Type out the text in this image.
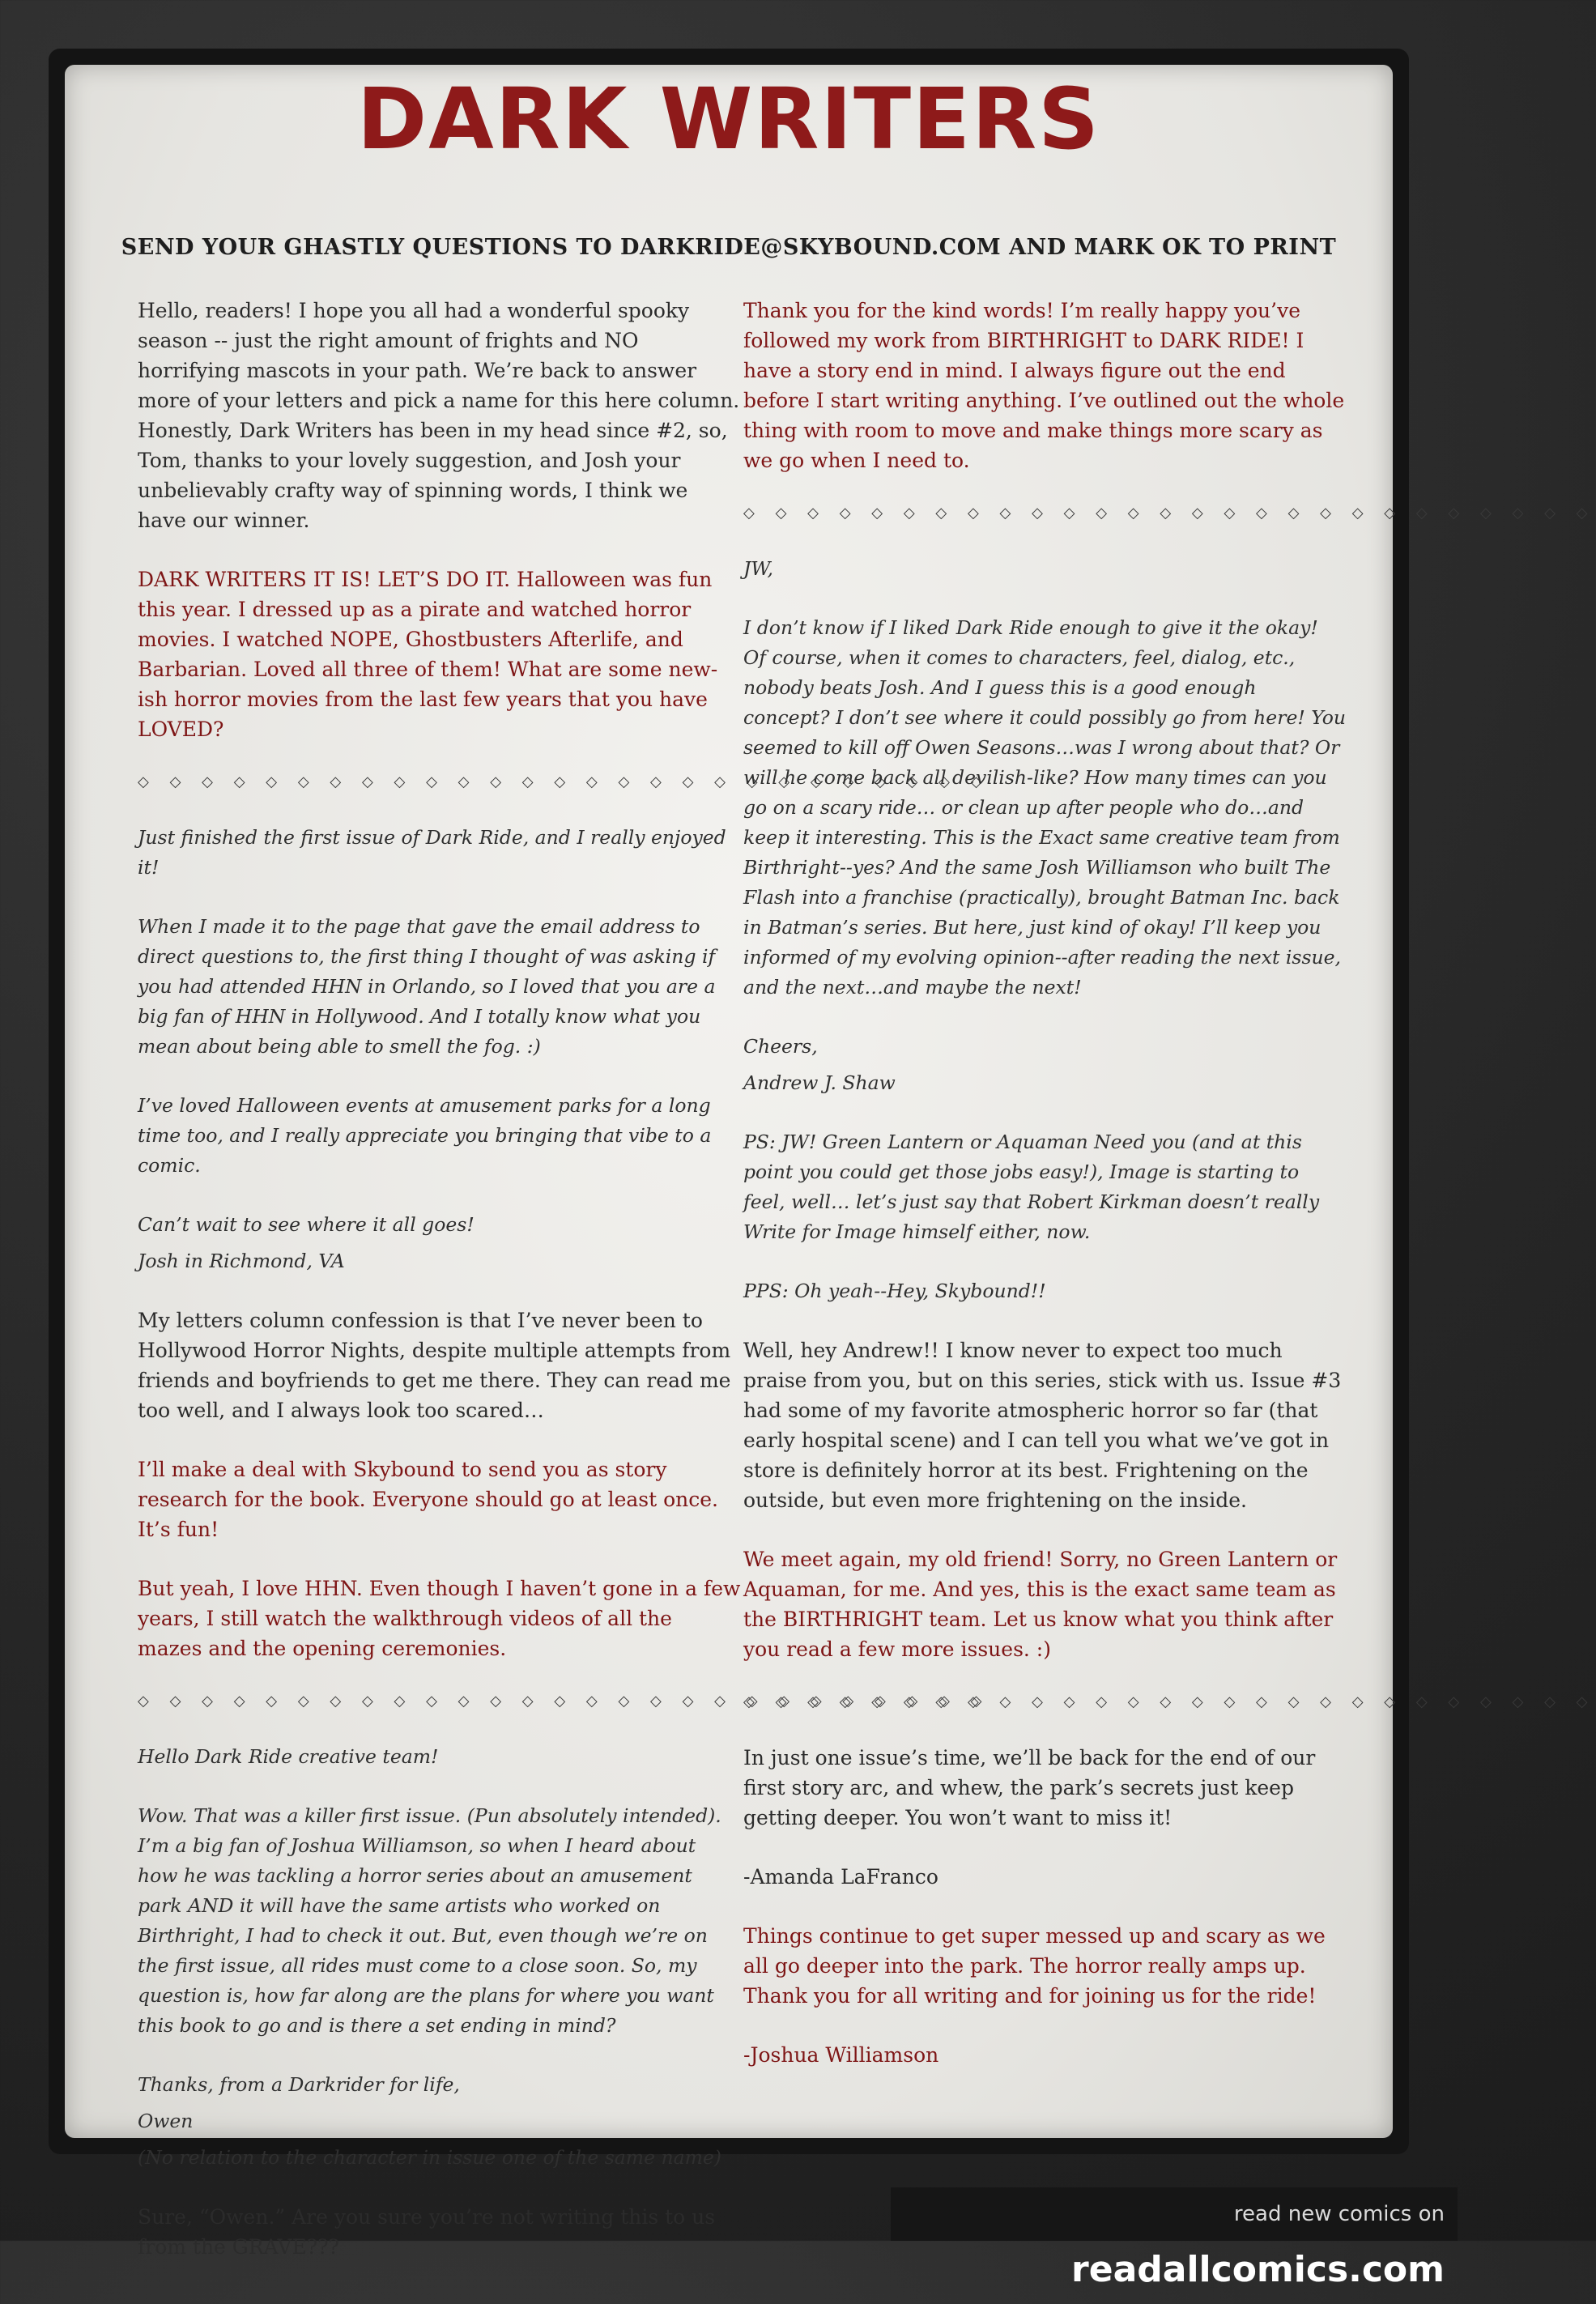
DARK WRITERS
SEND YOUR GHASTLY QUESTIONS TO DARKRIDE@SKYBOUND.COM AND MARK OK TO PRINT

Hello, readers! I hope you all had a wonderful spooky season -- just the right amount of frights and NO horrifying mascots in your path. We’re back to answer more of your letters and pick a name for this here column. Honestly, Dark Writers has been in my head since #2, so, Tom, thanks to your lovely suggestion, and Josh your unbelievably crafty way of spinning words, I think we have our winner.

DARK WRITERS IT IS! LET’S DO IT. Halloween was fun this year. I dressed up as a pirate and watched horror movies. I watched NOPE, Ghostbusters Afterlife, and Barbarian. Loved all three of them! What are some new-ish horror movies from the last few years that you have LOVED?

◇ ◇ ◇ ◇ ◇ ◇ ◇ ◇ ◇ ◇ ◇ ◇ ◇ ◇ ◇ ◇ ◇ ◇ ◇ ◇ ◇ ◇ ◇ ◇ ◇ ◇ ◇

Just finished the first issue of Dark Ride, and I really enjoyed it!

When I made it to the page that gave the email address to direct questions to, the first thing I thought of was asking if you had attended HHN in Orlando, so I loved that you are a big fan of HHN in Hollywood. And I totally know what you mean about being able to smell the fog. :)

I’ve loved Halloween events at amusement parks for a long time too, and I really appreciate you bringing that vibe to a comic.

Can’t wait to see where it all goes!

Josh in Richmond, VA

My letters column confession is that I’ve never been to Hollywood Horror Nights, despite multiple attempts from friends and boyfriends to get me there. They can read me too well, and I always look too scared…

I’ll make a deal with Skybound to send you as story research for the book. Everyone should go at least once. It’s fun!

But yeah, I love HHN. Even though I haven’t gone in a few years, I still watch the walkthrough videos of all the mazes and the opening ceremonies.

◇ ◇ ◇ ◇ ◇ ◇ ◇ ◇ ◇ ◇ ◇ ◇ ◇ ◇ ◇ ◇ ◇ ◇ ◇ ◇ ◇ ◇ ◇ ◇ ◇ ◇ ◇

Hello Dark Ride creative team!

Wow. That was a killer first issue. (Pun absolutely intended). I’m a big fan of Joshua Williamson, so when I heard about how he was tackling a horror series about an amusement park AND it will have the same artists who worked on Birthright, I had to check it out. But, even though we’re on the first issue, all rides must come to a close soon. So, my question is, how far along are the plans for where you want this book to go and is there a set ending in mind?

Thanks, from a Darkrider for life,

Owen

(No relation to the character in issue one of the same name)

Sure, “Owen.” Are you sure you’re not writing this to us from the GRAVE???

Thank you for the kind words! I’m really happy you’ve followed my work from BIRTHRIGHT to DARK RIDE! I have a story end in mind. I always figure out the end before I start writing anything. I’ve outlined out the whole thing with room to move and make things more scary as we go when I need to.

◇ ◇ ◇ ◇ ◇ ◇ ◇ ◇ ◇ ◇ ◇ ◇ ◇ ◇ ◇ ◇ ◇ ◇ ◇ ◇ ◇ ◇ ◇ ◇ ◇ ◇ ◇

JW,

I don’t know if I liked Dark Ride enough to give it the okay! Of course, when it comes to characters, feel, dialog, etc., nobody beats Josh. And I guess this is a good enough concept? I don’t see where it could possibly go from here! You seemed to kill off Owen Seasons…was I wrong about that? Or will he come back all devilish-like? How many times can you go on a scary ride… or clean up after people who do…and keep it interesting. This is the Exact same creative team from Birthright--yes? And the same Josh Williamson who built The Flash into a franchise (practically), brought Batman Inc. back in Batman’s series. But here, just kind of okay! I’ll keep you informed of my evolving opinion--after reading the next issue, and the next…and maybe the next!

Cheers,

Andrew J. Shaw

PS: JW! Green Lantern or Aquaman Need you (and at this point you could get those jobs easy!), Image is starting to feel, well… let’s just say that Robert Kirkman doesn’t really Write for Image himself either, now.

PPS: Oh yeah--Hey, Skybound!!

Well, hey Andrew!! I know never to expect too much praise from you, but on this series, stick with us. Issue #3 had some of my favorite atmospheric horror so far (that early hospital scene) and I can tell you what we’ve got in store is definitely horror at its best. Frightening on the outside, but even more frightening on the inside.

We meet again, my old friend! Sorry, no Green Lantern or Aquaman, for me. And yes, this is the exact same team as the BIRTHRIGHT team. Let us know what you think after you read a few more issues. :)

◇ ◇ ◇ ◇ ◇ ◇ ◇ ◇ ◇ ◇ ◇ ◇ ◇ ◇ ◇ ◇ ◇ ◇ ◇ ◇ ◇ ◇ ◇ ◇ ◇ ◇ ◇

In just one issue’s time, we’ll be back for the end of our first story arc, and whew, the park’s secrets just keep getting deeper. You won’t want to miss it!

-Amanda LaFranco

Things continue to get super messed up and scary as we all go deeper into the park. The horror really amps up. Thank you for all writing and for joining us for the ride!

-Joshua Williamson

read new comics on readallcomics.com
